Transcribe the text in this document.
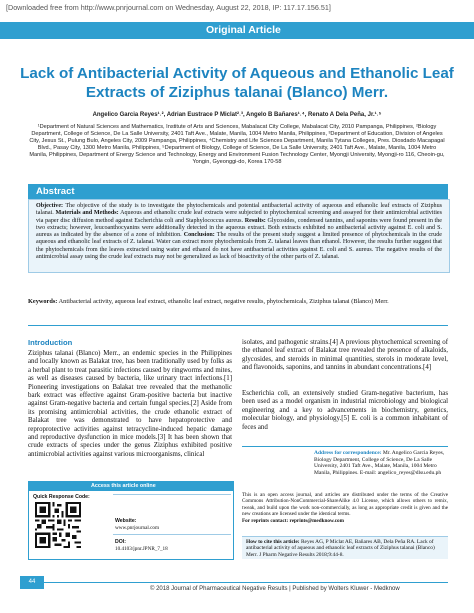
[Downloaded free from http://www.pnrjournal.com on Wednesday, August 22, 2018, IP: 117.17.156.51]
Original Article
Lack of Antibacterial Activity of Aqueous and Ethanolic Leaf Extracts of Ziziphus talanai (Blanco) Merr.
Angelico Garcia Reyes¹˒², Adrian Eustrace P Miclat²˒³, Angelo B Bañares¹˒⁴, Renato A Dela Peña, Jr.¹˒⁵
¹Department of Natural Sciences and Mathematics, Institute of Arts and Sciences, Mabalacat City College, Mabalacat City, 2010 Pampanga, Philippines, ²Biology Department, College of Science, De La Salle University, 2401 Taft Ave., Malate, Manila, 1004 Metro Manila, Philippines, ³Department of Education, Division of Angeles City, Jesus St., Pulung Bulo, Angeles City, 2009 Pampanga, Philippines, ⁴Chemistry and Life Sciences Department, Manila Tytana Colleges, Pres. Diosdado Macapagal Blvd., Pasay City, 1300 Metro Manila, Philippines, ⁵Department of Biology, College of Science, De La Salle University, 2401 Taft Ave., Malate, Manila, 1004 Metro Manila, Philippines, Department of Energy Science and Technology, Energy and Environment Fusion Technology Center, Myongji University, Myongji-ro 116, Cheoin-gu, Yongin, Gyeonggi-do, Korea 170-58
Abstract
Objective: The objective of the study is to investigate the phytochemicals and potential antibacterial activity of aqueous and ethanolic leaf extracts of Ziziphus talanai. Materials and Methods: Aqueous and ethanolic crude leaf extracts were subjected to phytochemical screening and assayed for their antimicrobial activities via paper disc diffusion method against Escherichia coli and Staphylococcus aureus. Results: Glycosides, condensed tannins, and saponins were found present in the two extracts; however, leucoanthocyanins were additionally detected in the aqueous extract. Both extracts exhibited no antibacterial activity against E. coli and S. aureus as indicated by the absence of a zone of inhibition. Conclusion: The results of the present study suggest a limited presence of phytochemicals in the crude aqueous and ethanolic leaf extracts of Z. talanai. Water can extract more phytochemicals from Z. talanai leaves than ethanol. However, the results further suggest that the phytochemicals from the leaves extracted using water and ethanol do not have antibacterial activities against E. coli and S. aureus. The negative results of the antimicrobial assay using the crude leaf extracts may not be generalized as lack of bioactivity of the other parts of Z. talanai.
Keywords: Antibacterial activity, aqueous leaf extract, ethanolic leaf extract, negative results, phytochemicals, Ziziphus talanai (Blanco) Merr.
Introduction

Ziziphus talanai (Blanco) Merr., an endemic species in the Philippines and locally known as Balakat tree, has been traditionally used by folks as a herbal plant to treat parasitic infections caused by ringworms and mites, as well as diseases caused by bacteria, like urinary tract infections.[1] Pioneering investigations on Balakat tree revealed that the methanolic bark extract was effective against Gram-positive bacteria but inactive against Gram-negative bacteria and certain fungal species.[2] Aside from its promising antimicrobial activities, the crude ethanolic extract of Balakat tree was demonstrated to have hepatoprotective and reproprotective activities against tetracycline-induced hepatic damage and reproductive dysfunction in mice models.[3] It has been shown that crude extracts of species under the genus Ziziphus exhibited positive antimicrobial activities against various microorganisms, clinical

isolates, and pathogenic strains.[4] A previous phytochemical screening of the ethanol leaf extract of Balakat tree revealed the presence of alkaloids, glycosides, and steroids in minimal quantities, sterols in moderate level, and flavonoids, saponins, and tannins in abundant concentrations.[4]

Escherichia coli, an extensively studied Gram-negative bacterium, has been used as a model organism in industrial microbiology and biological engineering and a key to advancements in biochemistry, genetics, molecular biology, and physiology.[5] E. coli is a common inhabitant of feces and

Address for correspondence: Mr. Angelico Garcia Reyes, Biology Department, College of Science, De La Salle University, 2401 Taft Ave., Malate, Manila, 1004 Metro Manila, Philippines. E-mail: angelico_reyes@dlsu.edu.ph
Access this article online
Quick Response Code:
Website:
www.pnrjournal.com
DOI:
10.4103/jpnr.JPNR_7_18
This is an open access journal, and articles are distributed under the terms of the Creative Commons Attribution-NonCommercial-ShareAlike 4.0 License, which allows others to remix, tweak, and build upon the work non-commercially, as long as appropriate credit is given and the new creations are licensed under the identical terms.
For reprints contact: reprints@medknow.com
How to cite this article: Reyes AG, P Miclat AE, Bañares AB, Dela Peña RA. Lack of antibacterial activity of aqueous and ethanolic leaf extracts of Ziziphus talanai (Blanco) Merr. J Pharm Negative Results 2018;9:44-8.
44
© 2018 Journal of Pharmaceutical Negative Results | Published by Wolters Kluwer - Medknow
